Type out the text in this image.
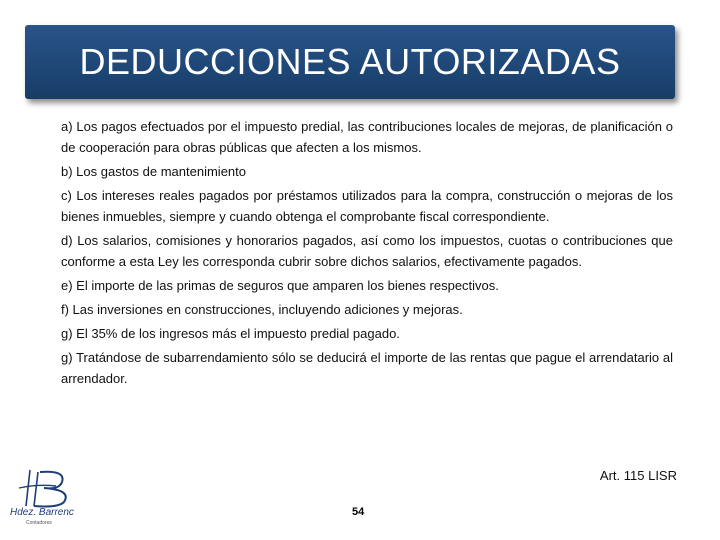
DEDUCCIONES AUTORIZADAS

a) Los pagos efectuados por el impuesto predial, las contribuciones locales de mejoras, de planificación o de cooperación para obras públicas que afecten a los mismos.

b) Los gastos de mantenimiento

c) Los intereses reales pagados por préstamos utilizados para la compra, construcción o mejoras de los bienes inmuebles, siempre y cuando obtenga el comprobante fiscal correspondiente.

d) Los salarios, comisiones y honorarios pagados, así como los impuestos, cuotas o contribuciones que conforme a esta Ley les corresponda cubrir sobre dichos salarios, efectivamente pagados.

e) El importe de las primas de seguros que amparen los bienes respectivos.

f) Las inversiones en construcciones, incluyendo adiciones y mejoras.

g) El 35% de los ingresos más el impuesto predial pagado.

g) Tratándose de subarrendamiento sólo se deducirá el importe de las rentas que pague el arrendatario al arrendador.

Art. 115 LISR
Hdez. Barrenc
Contadores
54
